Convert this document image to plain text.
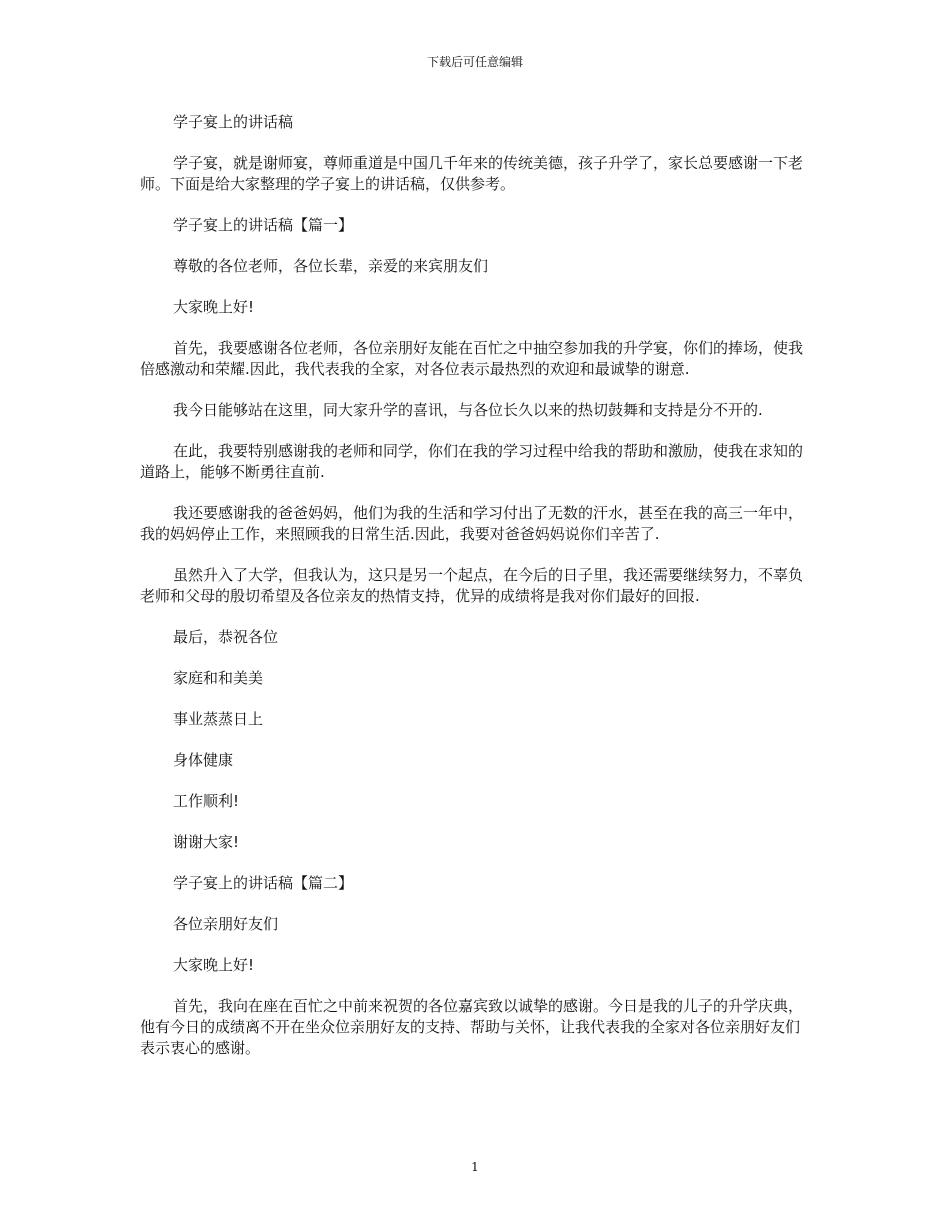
下载后可任意编辑

学子宴上的讲话稿

学子宴，就是谢师宴，尊师重道是中国几千年来的传统美德，孩子升学了，家长总要感谢一下老师。下面是给大家整理的学子宴上的讲话稿，仅供参考。

学子宴上的讲话稿【篇一】

尊敬的各位老师，各位长辈，亲爱的来宾朋友们

大家晚上好!

首先，我要感谢各位老师，各位亲朋好友能在百忙之中抽空参加我的升学宴，你们的捧场，使我倍感激动和荣耀.因此，我代表我的全家，对各位表示最热烈的欢迎和最诚挚的谢意.

我今日能够站在这里，同大家升学的喜讯，与各位长久以来的热切鼓舞和支持是分不开的.

在此，我要特别感谢我的老师和同学，你们在我的学习过程中给我的帮助和激励，使我在求知的道路上，能够不断勇往直前.

我还要感谢我的爸爸妈妈，他们为我的生活和学习付出了无数的汗水，甚至在我的高三一年中，我的妈妈停止工作，来照顾我的日常生活.因此，我要对爸爸妈妈说你们辛苦了.

虽然升入了大学，但我认为，这只是另一个起点，在今后的日子里，我还需要继续努力，不辜负老师和父母的殷切希望及各位亲友的热情支持，优异的成绩将是我对你们最好的回报.

最后，恭祝各位

家庭和和美美

事业蒸蒸日上

身体健康

工作顺利!

谢谢大家!

学子宴上的讲话稿【篇二】

各位亲朋好友们

大家晚上好!

首先，我向在座在百忙之中前来祝贺的各位嘉宾致以诚挚的感谢。今日是我的儿子的升学庆典，他有今日的成绩离不开在坐众位亲朋好友的支持、帮助与关怀，让我代表我的全家对各位亲朋好友们表示衷心的感谢。

1
